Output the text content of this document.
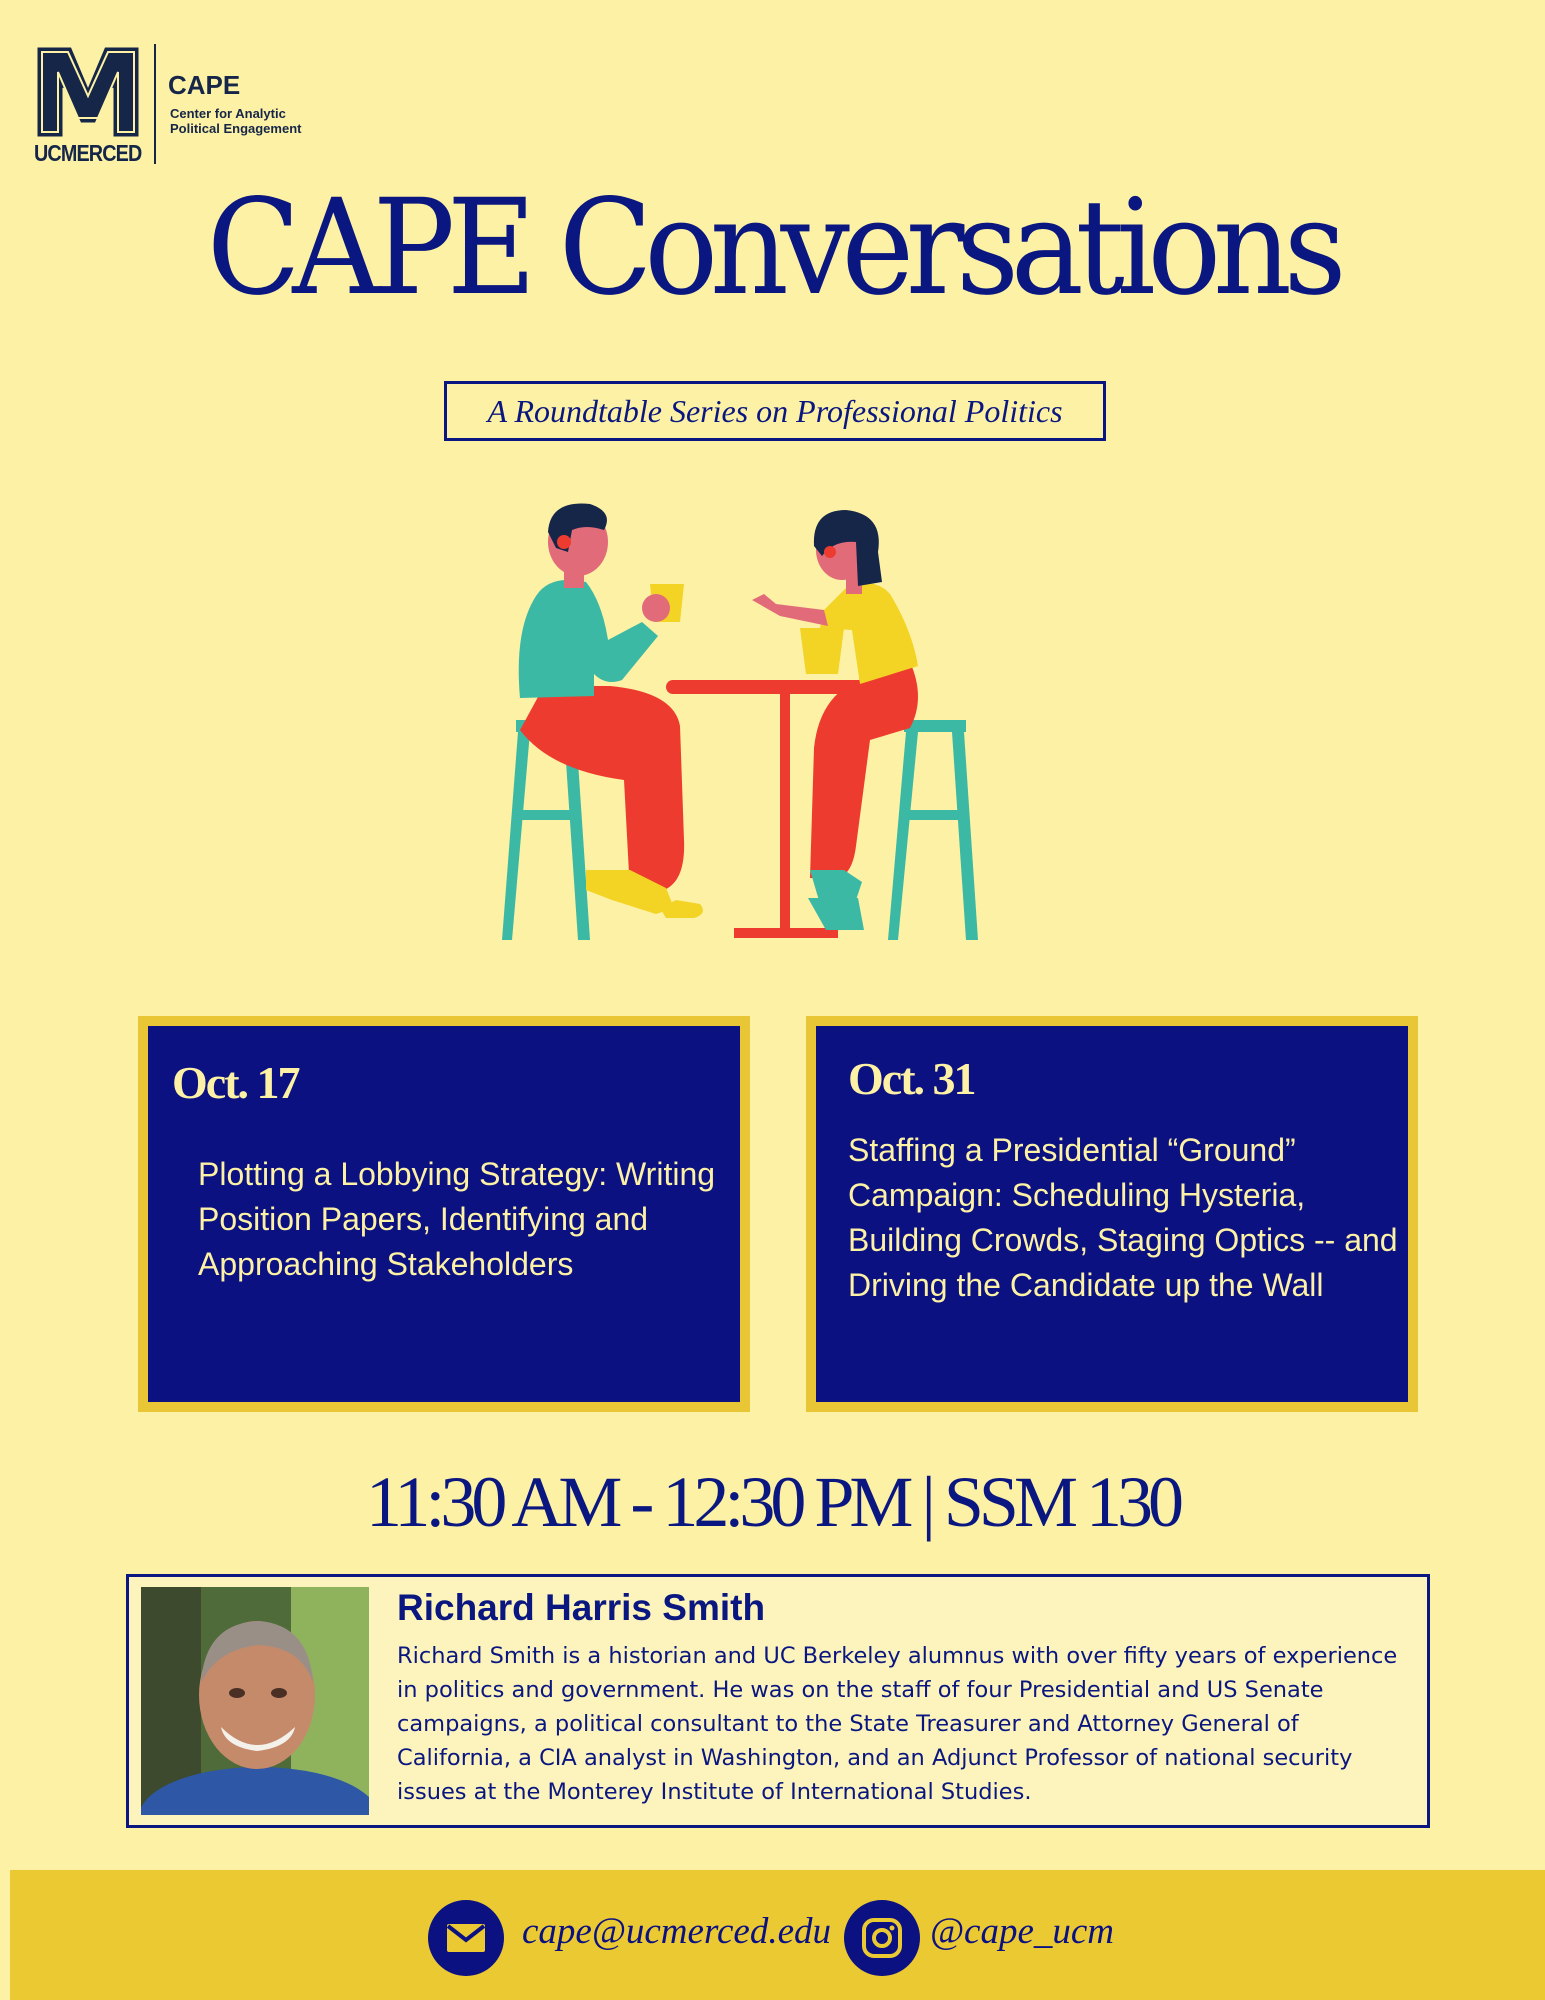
UCMERCED
CAPE
Center for Analytic
Political Engagement
CAPE Conversations
A Roundtable Series on Professional Politics
Oct. 17
Plotting a Lobbying Strategy: Writing Position Papers, Identifying and Approaching Stakeholders
Oct. 31
Staffing a Presidential “Ground” Campaign: Scheduling Hysteria, Building Crowds, Staging Optics -- and Driving the Candidate up the Wall
11:30 AM - 12:30 PM | SSM 130
Richard Harris Smith
Richard Smith is a historian and UC Berkeley alumnus with over fifty years of experience in politics and government. He was on the staff of four Presidential and US Senate campaigns, a political consultant to the State Treasurer and Attorney General of California, a CIA analyst in Washington, and an Adjunct Professor of national security issues at the Monterey Institute of International Studies.
cape@ucmerced.edu	@cape_ucm
